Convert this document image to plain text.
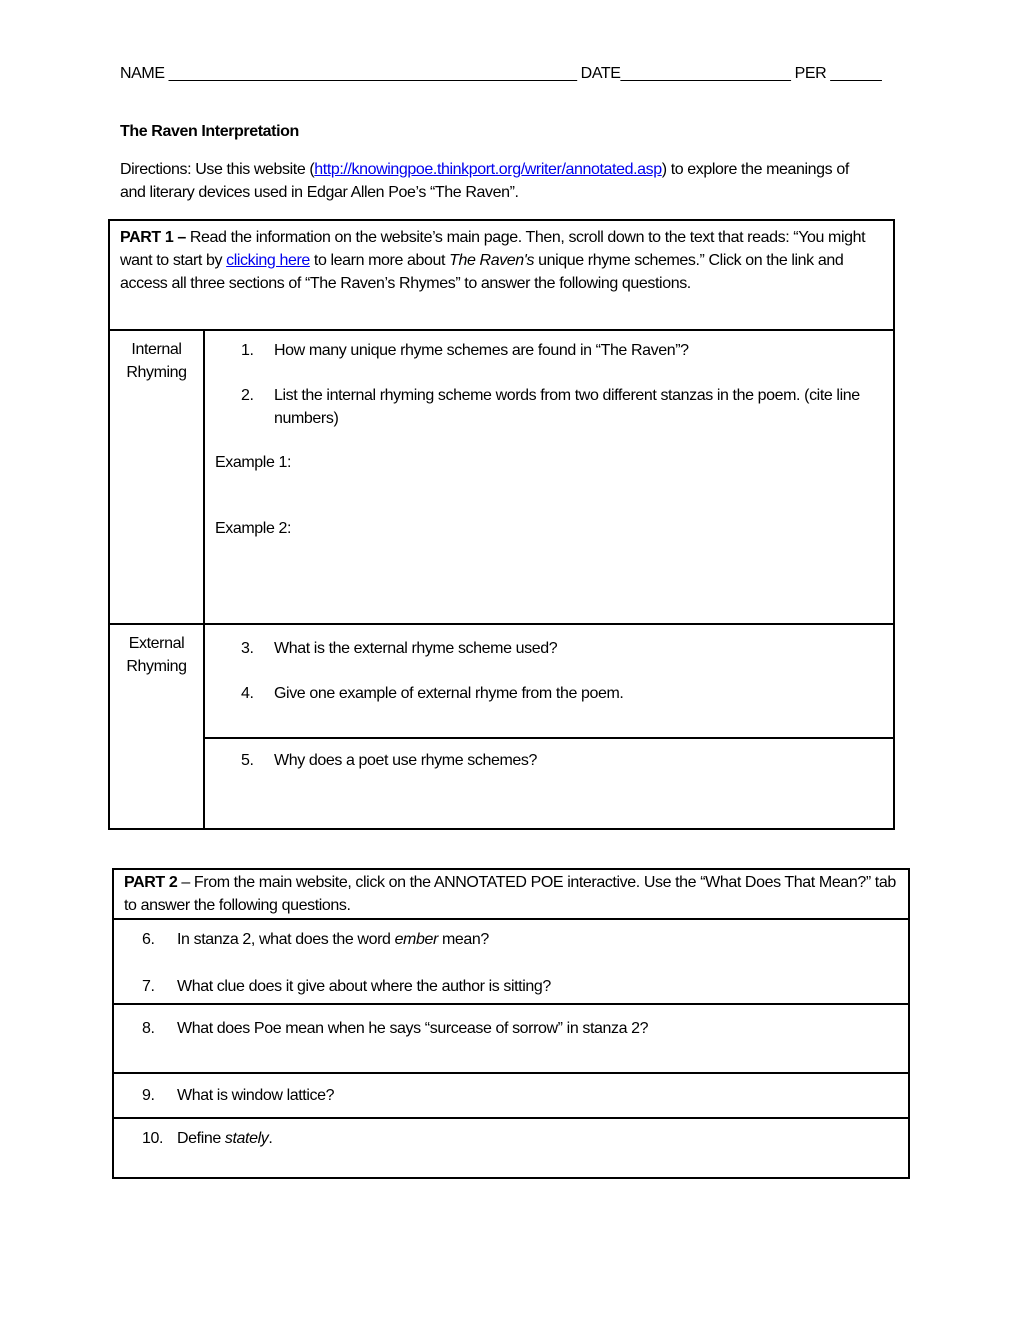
NAME ________________________________________________ DATE____________________ PER ______
The Raven Interpretation
Directions: Use this website (http://knowingpoe.thinkport.org/writer/annotated.asp) to explore the meanings of and literary devices used in Edgar Allen Poe’s “The Raven”.
PART 1 – Read the information on the website’s main page. Then, scroll down to the text that reads: “You might want to start by clicking here to learn more about The Raven's unique rhyme schemes.” Click on the link and access all three sections of “The Raven’s Rhymes” to answer the following questions.
Internal
Rhyming
1.	How many unique rhyme schemes are found in “The Raven”?
2.	List the internal rhyming scheme words from two different stanzas in the poem. (cite line numbers)
Example 1:
Example 2:
External
Rhyming
3.	What is the external rhyme scheme used?
4.	Give one example of external rhyme from the poem.
5.	Why does a poet use rhyme schemes?
PART 2 – From the main website, click on the ANNOTATED POE interactive. Use the “What Does That Mean?” tab to answer the following questions.
6.	In stanza 2, what does the word ember mean?
7.	What clue does it give about where the author is sitting?
8.	What does Poe mean when he says “surcease of sorrow” in stanza 2?
9.	What is window lattice?
10. Define stately.
